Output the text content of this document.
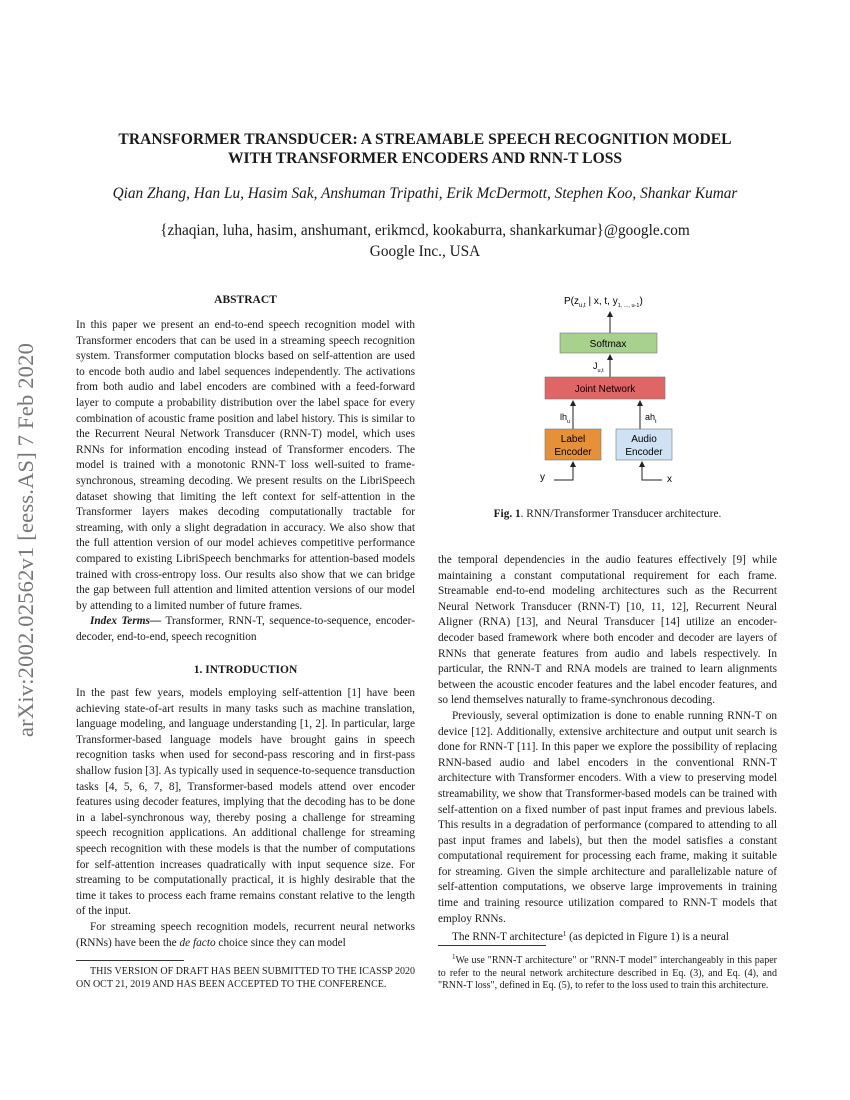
arXiv:2002.02562v1 [eess.AS] 7 Feb 2020
TRANSFORMER TRANSDUCER: A STREAMABLE SPEECH RECOGNITION MODEL
WITH TRANSFORMER ENCODERS AND RNN-T LOSS
Qian Zhang, Han Lu, Hasim Sak, Anshuman Tripathi, Erik McDermott, Stephen Koo, Shankar Kumar
{zhaqian, luha, hasim, anshumant, erikmcd, kookaburra, shankarkumar}@google.com
Google Inc., USA
ABSTRACT
In this paper we present an end-to-end speech recognition model with Transformer encoders that can be used in a streaming speech recognition system. Transformer computation blocks based on self-attention are used to encode both audio and label sequences independently. The activations from both audio and label encoders are combined with a feed-forward layer to compute a probability distribution over the label space for every combination of acoustic frame position and label history. This is similar to the Recurrent Neural Network Transducer (RNN-T) model, which uses RNNs for information encoding instead of Transformer encoders. The model is trained with a monotonic RNN-T loss well-suited to frame-synchronous, streaming decoding. We present results on the LibriSpeech dataset showing that limiting the left context for self-attention in the Transformer layers makes decoding computationally tractable for streaming, with only a slight degradation in accuracy. We also show that the full attention version of our model achieves competitive performance compared to existing LibriSpeech benchmarks for attention-based models trained with cross-entropy loss. Our results also show that we can bridge the gap between full attention and limited attention versions of our model by attending to a limited number of future frames.
Index Terms— Transformer, RNN-T, sequence-to-sequence, encoder-decoder, end-to-end, speech recognition
1. INTRODUCTION

In the past few years, models employing self-attention [1] have been achieving state-of-art results in many tasks such as machine translation, language modeling, and language understanding [1, 2]. In particular, large Transformer-based language models have brought gains in speech recognition tasks when used for second-pass rescoring and in first-pass shallow fusion [3]. As typically used in sequence-to-sequence transduction tasks [4, 5, 6, 7, 8], Transformer-based models attend over encoder features using decoder features, implying that the decoding has to be done in a label-synchronous way, thereby posing a challenge for streaming speech recognition applications. An additional challenge for streaming speech recognition with these models is that the number of computations for self-attention increases quadratically with input sequence size. For streaming to be computationally practical, it is highly desirable that the time it takes to process each frame remains constant relative to the length of the input.

For streaming speech recognition models, recurrent neural networks (RNNs) have been the de facto choice since they can model

THIS VERSION OF DRAFT HAS BEEN SUBMITTED TO THE ICASSP 2020 ON OCT 21, 2019 AND HAS BEEN ACCEPTED TO THE CONFERENCE.
$P(z_{u,t}$ | x, t, $y_{1, ..., u-1}$)
Softmax
$J_{u,t}$
Joint Network
$lh_u$	$ah_t$
Label
Encoder
Audio
Encoder
y	x
Fig. 1. RNN/Transformer Transducer architecture.

the temporal dependencies in the audio features effectively [9] while maintaining a constant computational requirement for each frame. Streamable end-to-end modeling architectures such as the Recurrent Neural Network Transducer (RNN-T) [10, 11, 12], Recurrent Neural Aligner (RNA) [13], and Neural Transducer [14] utilize an encoder-decoder based framework where both encoder and decoder are layers of RNNs that generate features from audio and labels respectively. In particular, the RNN-T and RNA models are trained to learn alignments between the acoustic encoder features and the label encoder features, and so lend themselves naturally to frame-synchronous decoding.

Previously, several optimization is done to enable running RNN-T on device [12]. Additionally, extensive architecture and output unit search is done for RNN-T [11]. In this paper we explore the possibility of replacing RNN-based audio and label encoders in the conventional RNN-T architecture with Transformer encoders. With a view to preserving model streamability, we show that Transformer-based models can be trained with self-attention on a fixed number of past input frames and previous labels. This results in a degradation of performance (compared to attending to all past input frames and labels), but then the model satisfies a constant computational requirement for processing each frame, making it suitable for streaming. Given the simple architecture and parallelizable nature of self-attention computations, we observe large improvements in training time and training resource utilization compared to RNN-T models that employ RNNs.

The RNN-T architecture$^1$ (as depicted in Figure 1) is a neural

$^1$We use "RNN-T architecture" or "RNN-T model" interchangeably in this paper to refer to the neural network architecture described in Eq. (3), and Eq. (4), and "RNN-T loss", defined in Eq. (5), to refer to the loss used to train this architecture.
